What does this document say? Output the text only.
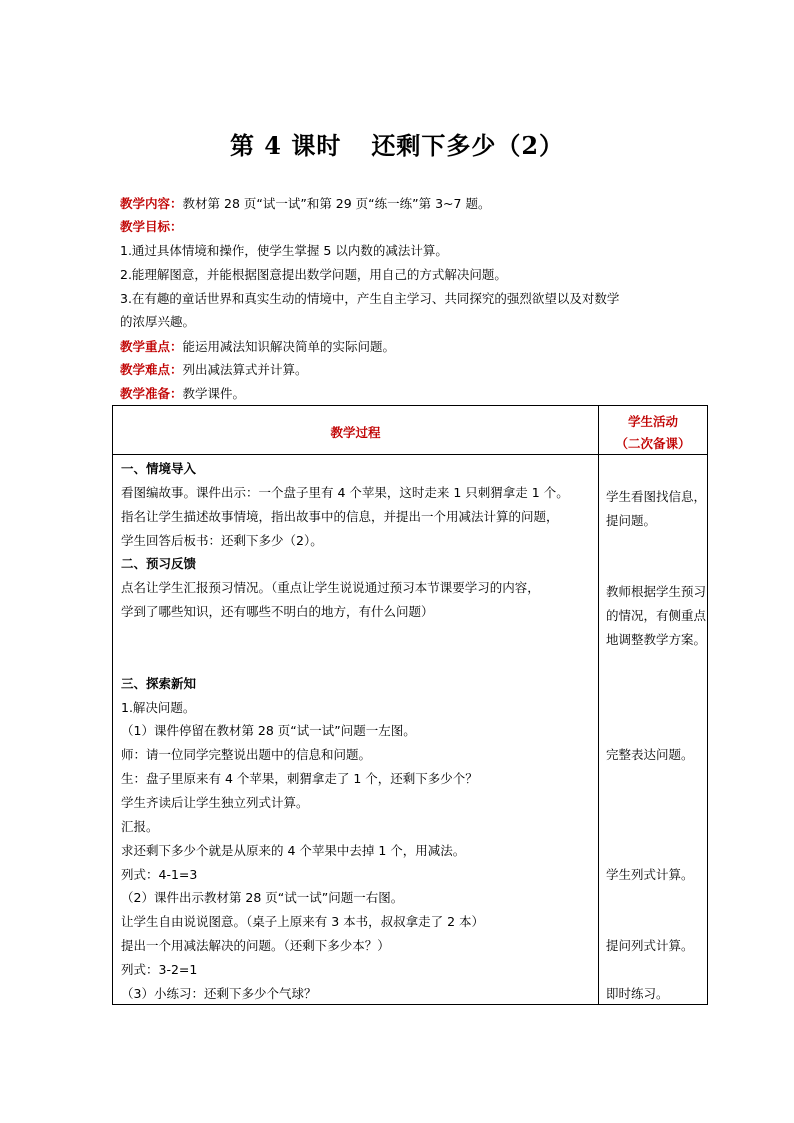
第 4 课时 还剩下多少（2）
教学内容：教材第 28 页“试一试”和第 29 页“练一练”第 3~7 题。
教学目标：
1.通过具体情境和操作，使学生掌握 5 以内数的减法计算。
2.能理解图意，并能根据图意提出数学问题，用自己的方式解决问题。
3.在有趣的童话世界和真实生动的情境中，产生自主学习、共同探究的强烈欲望以及对数学
的浓厚兴趣。
教学重点：能运用减法知识解决简单的实际问题。
教学难点：列出减法算式并计算。
教学准备：教学课件。
教学过程
学生活动
（二次备课）
一、情境导入
看图编故事。课件出示：一个盘子里有 4 个苹果，这时走来 1 只刺猬拿走 1 个。
指名让学生描述故事情境，指出故事中的信息，并提出一个用减法计算的问题，
学生回答后板书：还剩下多少（2）。
二、预习反馈
点名让学生汇报预习情况。（重点让学生说说通过预习本节课要学习的内容，
学到了哪些知识，还有哪些不明白的地方，有什么问题）
三、探索新知
1.解决问题。
（1）课件停留在教材第 28 页“试一试”问题一左图。
师：请一位同学完整说出题中的信息和问题。
生：盘子里原来有 4 个苹果，刺猬拿走了 1 个，还剩下多少个？
学生齐读后让学生独立列式计算。
汇报。
求还剩下多少个就是从原来的 4 个苹果中去掉 1 个，用减法。
列式：4-1=3
（2）课件出示教材第 28 页“试一试”问题一右图。
让学生自由说说图意。（桌子上原来有 3 本书，叔叔拿走了 2 本）
提出一个用减法解决的问题。（还剩下多少本？）
列式：3-2=1
（3）小练习：还剩下多少个气球？
学生看图找信息，提问题。
教师根据学生预习的情况，有侧重点地调整教学方案。
完整表达问题。
学生列式计算。
提问列式计算。
即时练习。
